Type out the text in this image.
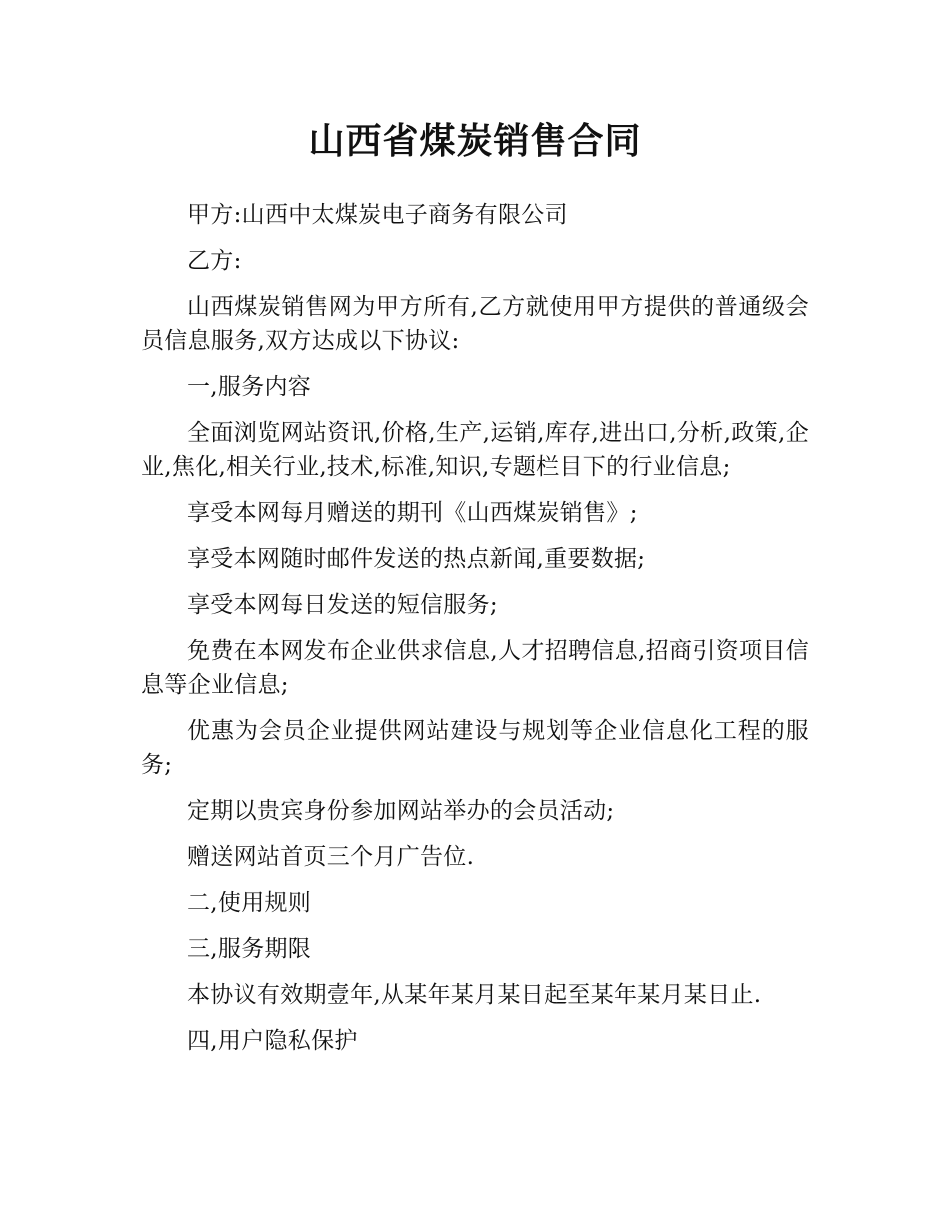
山西省煤炭销售合同

甲方:山西中太煤炭电子商务有限公司

乙方:

山西煤炭销售网为甲方所有,乙方就使用甲方提供的普通级会员信息服务,双方达成以下协议:

一,服务内容

全面浏览网站资讯,价格,生产,运销,库存,进出口,分析,政策,企业,焦化,相关行业,技术,标准,知识,专题栏目下的行业信息;

享受本网每月赠送的期刊《山西煤炭销售》;

享受本网随时邮件发送的热点新闻,重要数据;

享受本网每日发送的短信服务;

免费在本网发布企业供求信息,人才招聘信息,招商引资项目信息等企业信息;

优惠为会员企业提供网站建设与规划等企业信息化工程的服务;

定期以贵宾身份参加网站举办的会员活动;

赠送网站首页三个月广告位.

二,使用规则

三,服务期限

本协议有效期壹年,从某年某月某日起至某年某月某日止.

四,用户隐私保护
